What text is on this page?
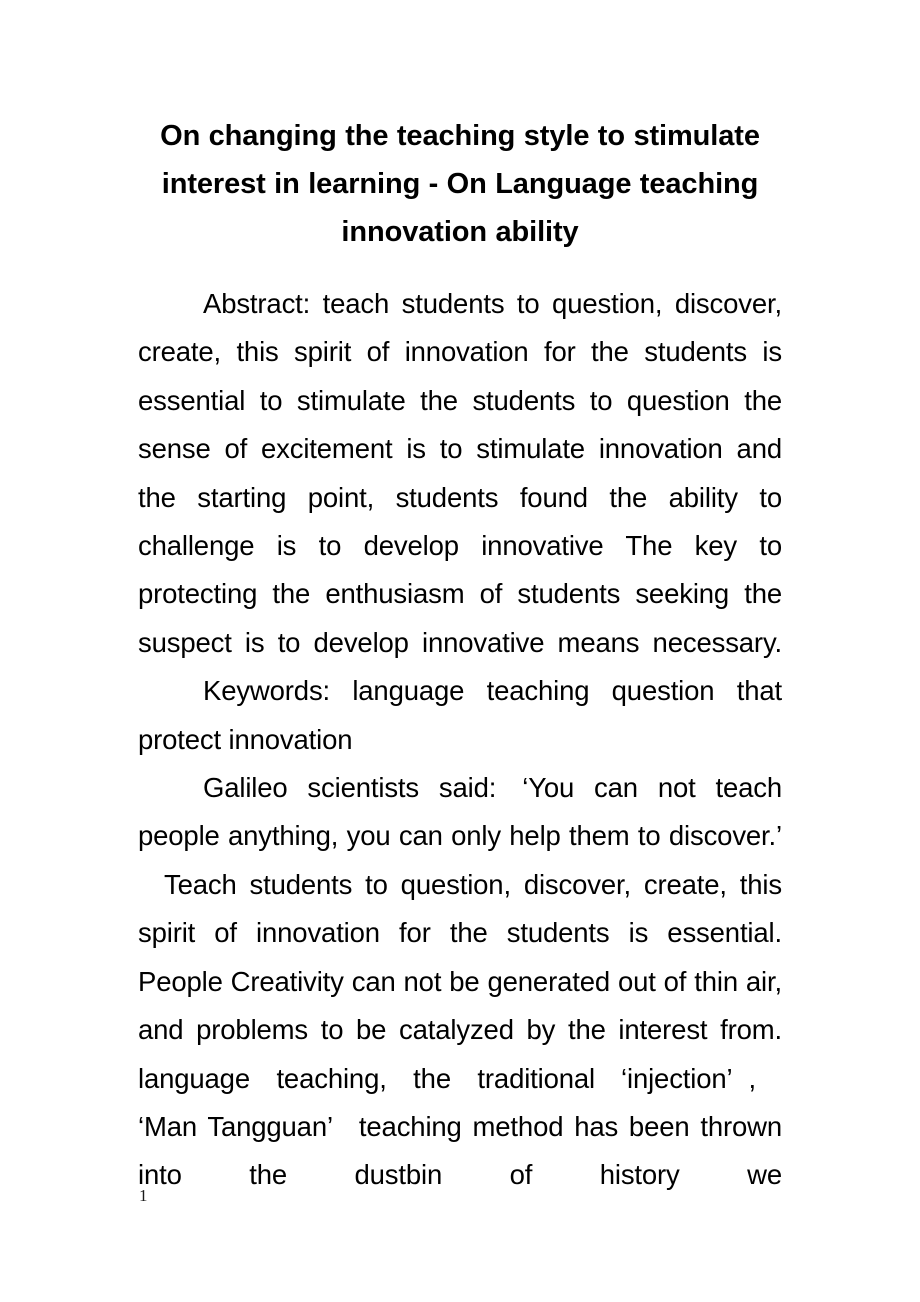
On changing the teaching style to stimulate interest in learning - On Language teaching innovation ability

Abstract: teach students to question, discover, create, this spirit of innovation for the students is essential to stimulate the students to question the sense of excitement is to stimulate innovation and the starting point, students found the ability to challenge is to develop innovative The key to protecting the enthusiasm of students seeking the suspect is to develop innovative means necessary.

Keywords: language teaching question that protect innovation

Galileo scientists said: ‘You can not teach people anything, you can only help them to discover.’Teach students to question, discover, create, this spirit of innovation for the students is essential. People Creativity can not be generated out of thin air, and problems to be catalyzed by the interest from. language teaching, the traditional ‘injection’ ,‘Man Tangguan’ teaching method has been thrown into the dustbin of history we

1
